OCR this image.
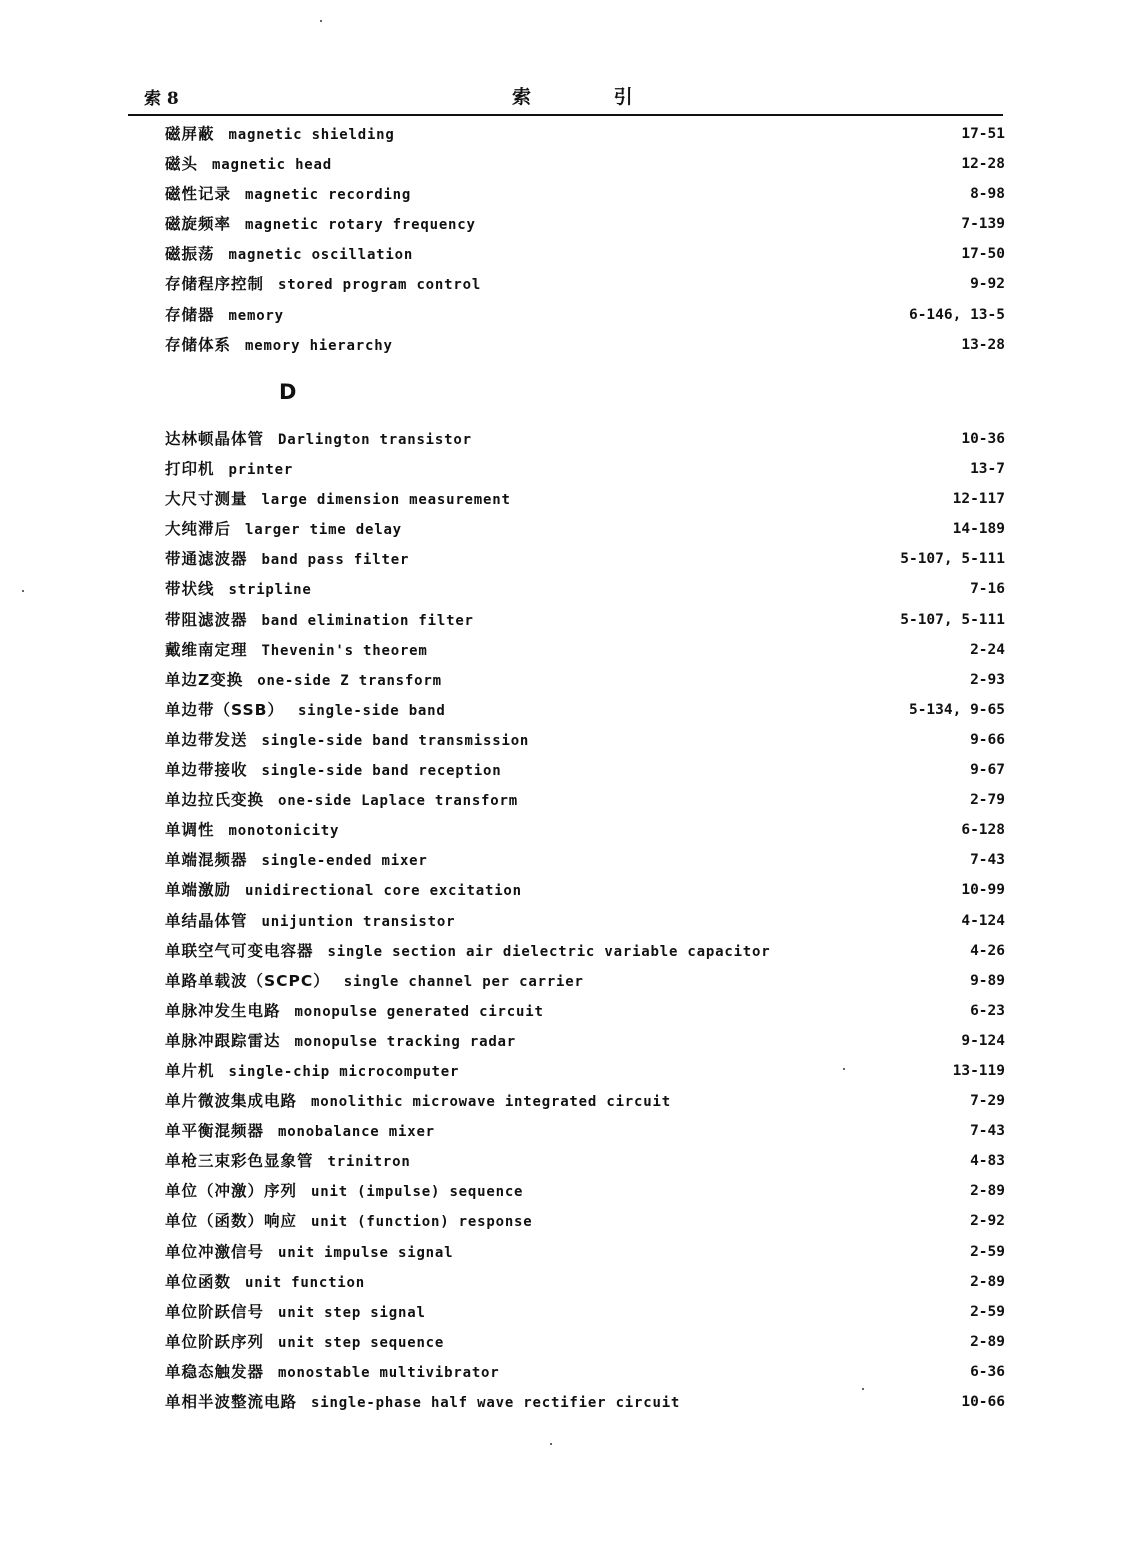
索 8	索 引
磁屏蔽 magnetic shielding	17-51
磁头 magnetic head	12-28
磁性记录 magnetic recording	8-98
磁旋频率 magnetic rotary frequency	7-139
磁振荡 magnetic oscillation	17-50
存储程序控制 stored program control	9-92
存储器 memory	6-146, 13-5
存储体系 memory hierarchy	13-28
D
达林顿晶体管 Darlington transistor	10-36
打印机 printer	13-7
大尺寸测量 large dimension measurement	12-117
大纯滞后 larger time delay	14-189
带通滤波器 band pass filter	5-107, 5-111
带状线 stripline	7-16
带阻滤波器 band elimination filter	5-107, 5-111
戴维南定理 Thevenin's theorem	2-24
单边Z变换 one-side Z transform	2-93
单边带（SSB） single-side band	5-134, 9-65
单边带发送 single-side band transmission	9-66
单边带接收 single-side band reception	9-67
单边拉氏变换 one-side Laplace transform	2-79
单调性 monotonicity	6-128
单端混频器 single-ended mixer	7-43
单端激励 unidirectional core excitation	10-99
单结晶体管 unijuntion transistor	4-124
单联空气可变电容器 single section air dielectric variable capacitor	4-26
单路单载波（SCPC） single channel per carrier	9-89
单脉冲发生电路 monopulse generated circuit	6-23
单脉冲跟踪雷达 monopulse tracking radar	9-124
单片机 single-chip microcomputer	13-119
单片微波集成电路 monolithic microwave integrated circuit	7-29
单平衡混频器 monobalance mixer	7-43
单枪三束彩色显象管 trinitron	4-83
单位（冲激）序列 unit (impulse) sequence	2-89
单位（函数）响应 unit (function) response	2-92
单位冲激信号 unit impulse signal	2-59
单位函数 unit function	2-89
单位阶跃信号 unit step signal	2-59
单位阶跃序列 unit step sequence	2-89
单稳态触发器 monostable multivibrator	6-36
单相半波整流电路 single-phase half wave rectifier circuit	10-66
